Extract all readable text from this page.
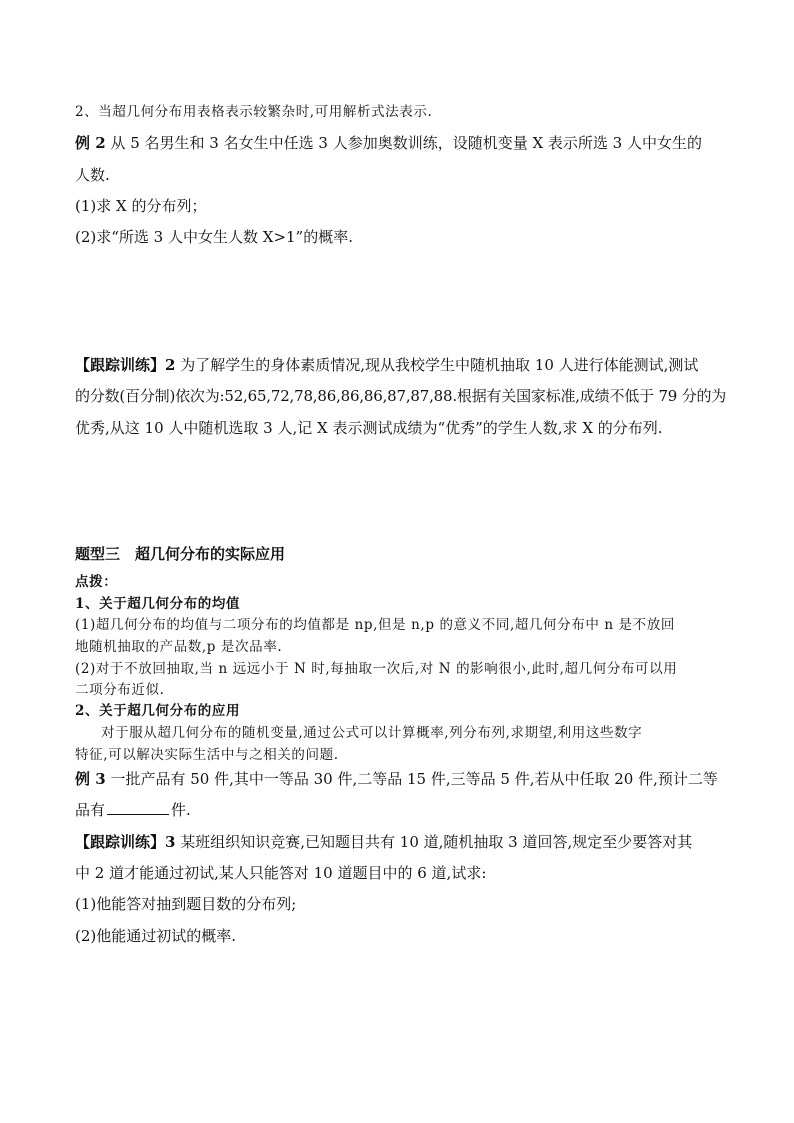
2、当超几何分布用表格表示较繁杂时,可用解析式法表示.
例 2 从 5 名男生和 3 名女生中任选 3 人参加奥数训练，设随机变量 X 表示所选 3 人中女生的
人数.
(1)求 X 的分布列；
(2)求“所选 3 人中女生人数 X>1”的概率.
【跟踪训练】2 为了解学生的身体素质情况,现从我校学生中随机抽取 10 人进行体能测试,测试
的分数(百分制)依次为:52,65,72,78,86,86,86,87,87,88.根据有关国家标准,成绩不低于 79 分的为
优秀,从这 10 人中随机选取 3 人,记 X 表示测试成绩为“优秀”的学生人数,求 X 的分布列.
题型三　超几何分布的实际应用
点拨：
1、关于超几何分布的均值
(1)超几何分布的均值与二项分布的均值都是 np,但是 n,p 的意义不同,超几何分布中 n 是不放回
地随机抽取的产品数,p 是次品率.
(2)对于不放回抽取,当 n 远远小于 N 时,每抽取一次后,对 N 的影响很小,此时,超几何分布可以用
二项分布近似.
2、关于超几何分布的应用
对于服从超几何分布的随机变量,通过公式可以计算概率,列分布列,求期望,利用这些数字
特征,可以解决实际生活中与之相关的问题.
例 3 一批产品有 50 件,其中一等品 30 件,二等品 15 件,三等品 5 件,若从中任取 20 件,预计二等
品有	件.
【跟踪训练】3 某班组织知识竞赛,已知题目共有 10 道,随机抽取 3 道回答,规定至少要答对其
中 2 道才能通过初试,某人只能答对 10 道题目中的 6 道,试求:
(1)他能答对抽到题目数的分布列;
(2)他能通过初试的概率.
